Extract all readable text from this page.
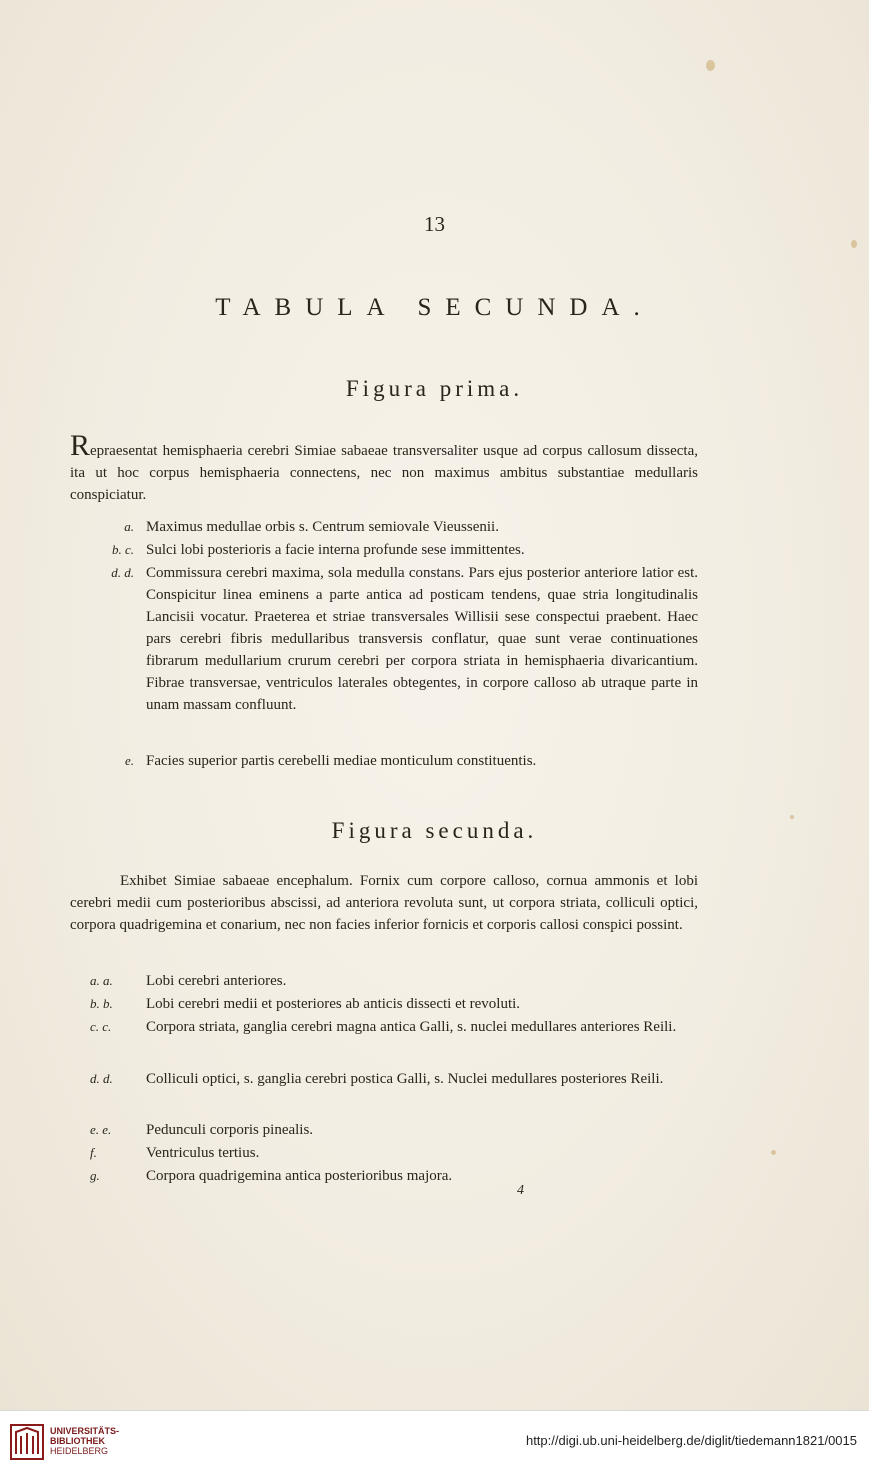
13
TABULA SECUNDA.
Figura prima.
Repraesentat hemisphaeria cerebri Simiae sabaeae transversaliter usque ad corpus callosum dissecta, ita ut hoc corpus hemisphaeria connectens, nec non maximus ambitus substantiae medullaris conspiciatur.
a. Maximus medullae orbis s. Centrum semiovale Vieussenii.
b. c. Sulci lobi posterioris a facie interna profunde sese immittentes.
d. d. Commissura cerebri maxima, sola medulla constans. Pars ejus posterior anteriore latior est. Conspicitur linea eminens a parte antica ad posticam tendens, quae stria longitudinalis Lancisii vocatur. Praeterea et striae transversales Willisii sese conspectui praebent. Haec pars cerebri fibris medullaribus transversis conflatur, quae sunt verae continuationes fibrarum medullarium crurum cerebri per corpora striata in hemisphaeria divaricantium. Fibrae transversae, ventriculos laterales obtegentes, in corpore calloso ab utraque parte in unam massam confluunt.
e. Facies superior partis cerebelli mediae monticulum constituentis.
Figura secunda.
Exhibet Simiae sabaeae encephalum. Fornix cum corpore calloso, cornua ammonis et lobi cerebri medii cum posterioribus abscissi, ad anteriora revoluta sunt, ut corpora striata, colliculi optici, corpora quadrigemina et conarium, nec non facies inferior fornicis et corporis callosi conspici possint.
a. a.	Lobi cerebri anteriores.
b. b.	Lobi cerebri medii et posteriores ab anticis dissecti et revoluti.
c. c.	Corpora striata, ganglia cerebri magna antica Galli, s. nuclei medullares anteriores Reili.
d. d.	Colliculi optici, s. ganglia cerebri postica Galli, s. Nuclei medullares posteriores Reili.
e. e.	Pedunculi corporis pinealis.
f.	Ventriculus tertius.
g.	Corpora quadrigemina antica posterioribus majora.
4
UNIVERSITÄTS-
BIBLIOTHEK
HEIDELBERG
http://digi.ub.uni-heidelberg.de/diglit/tiedemann1821/0015
